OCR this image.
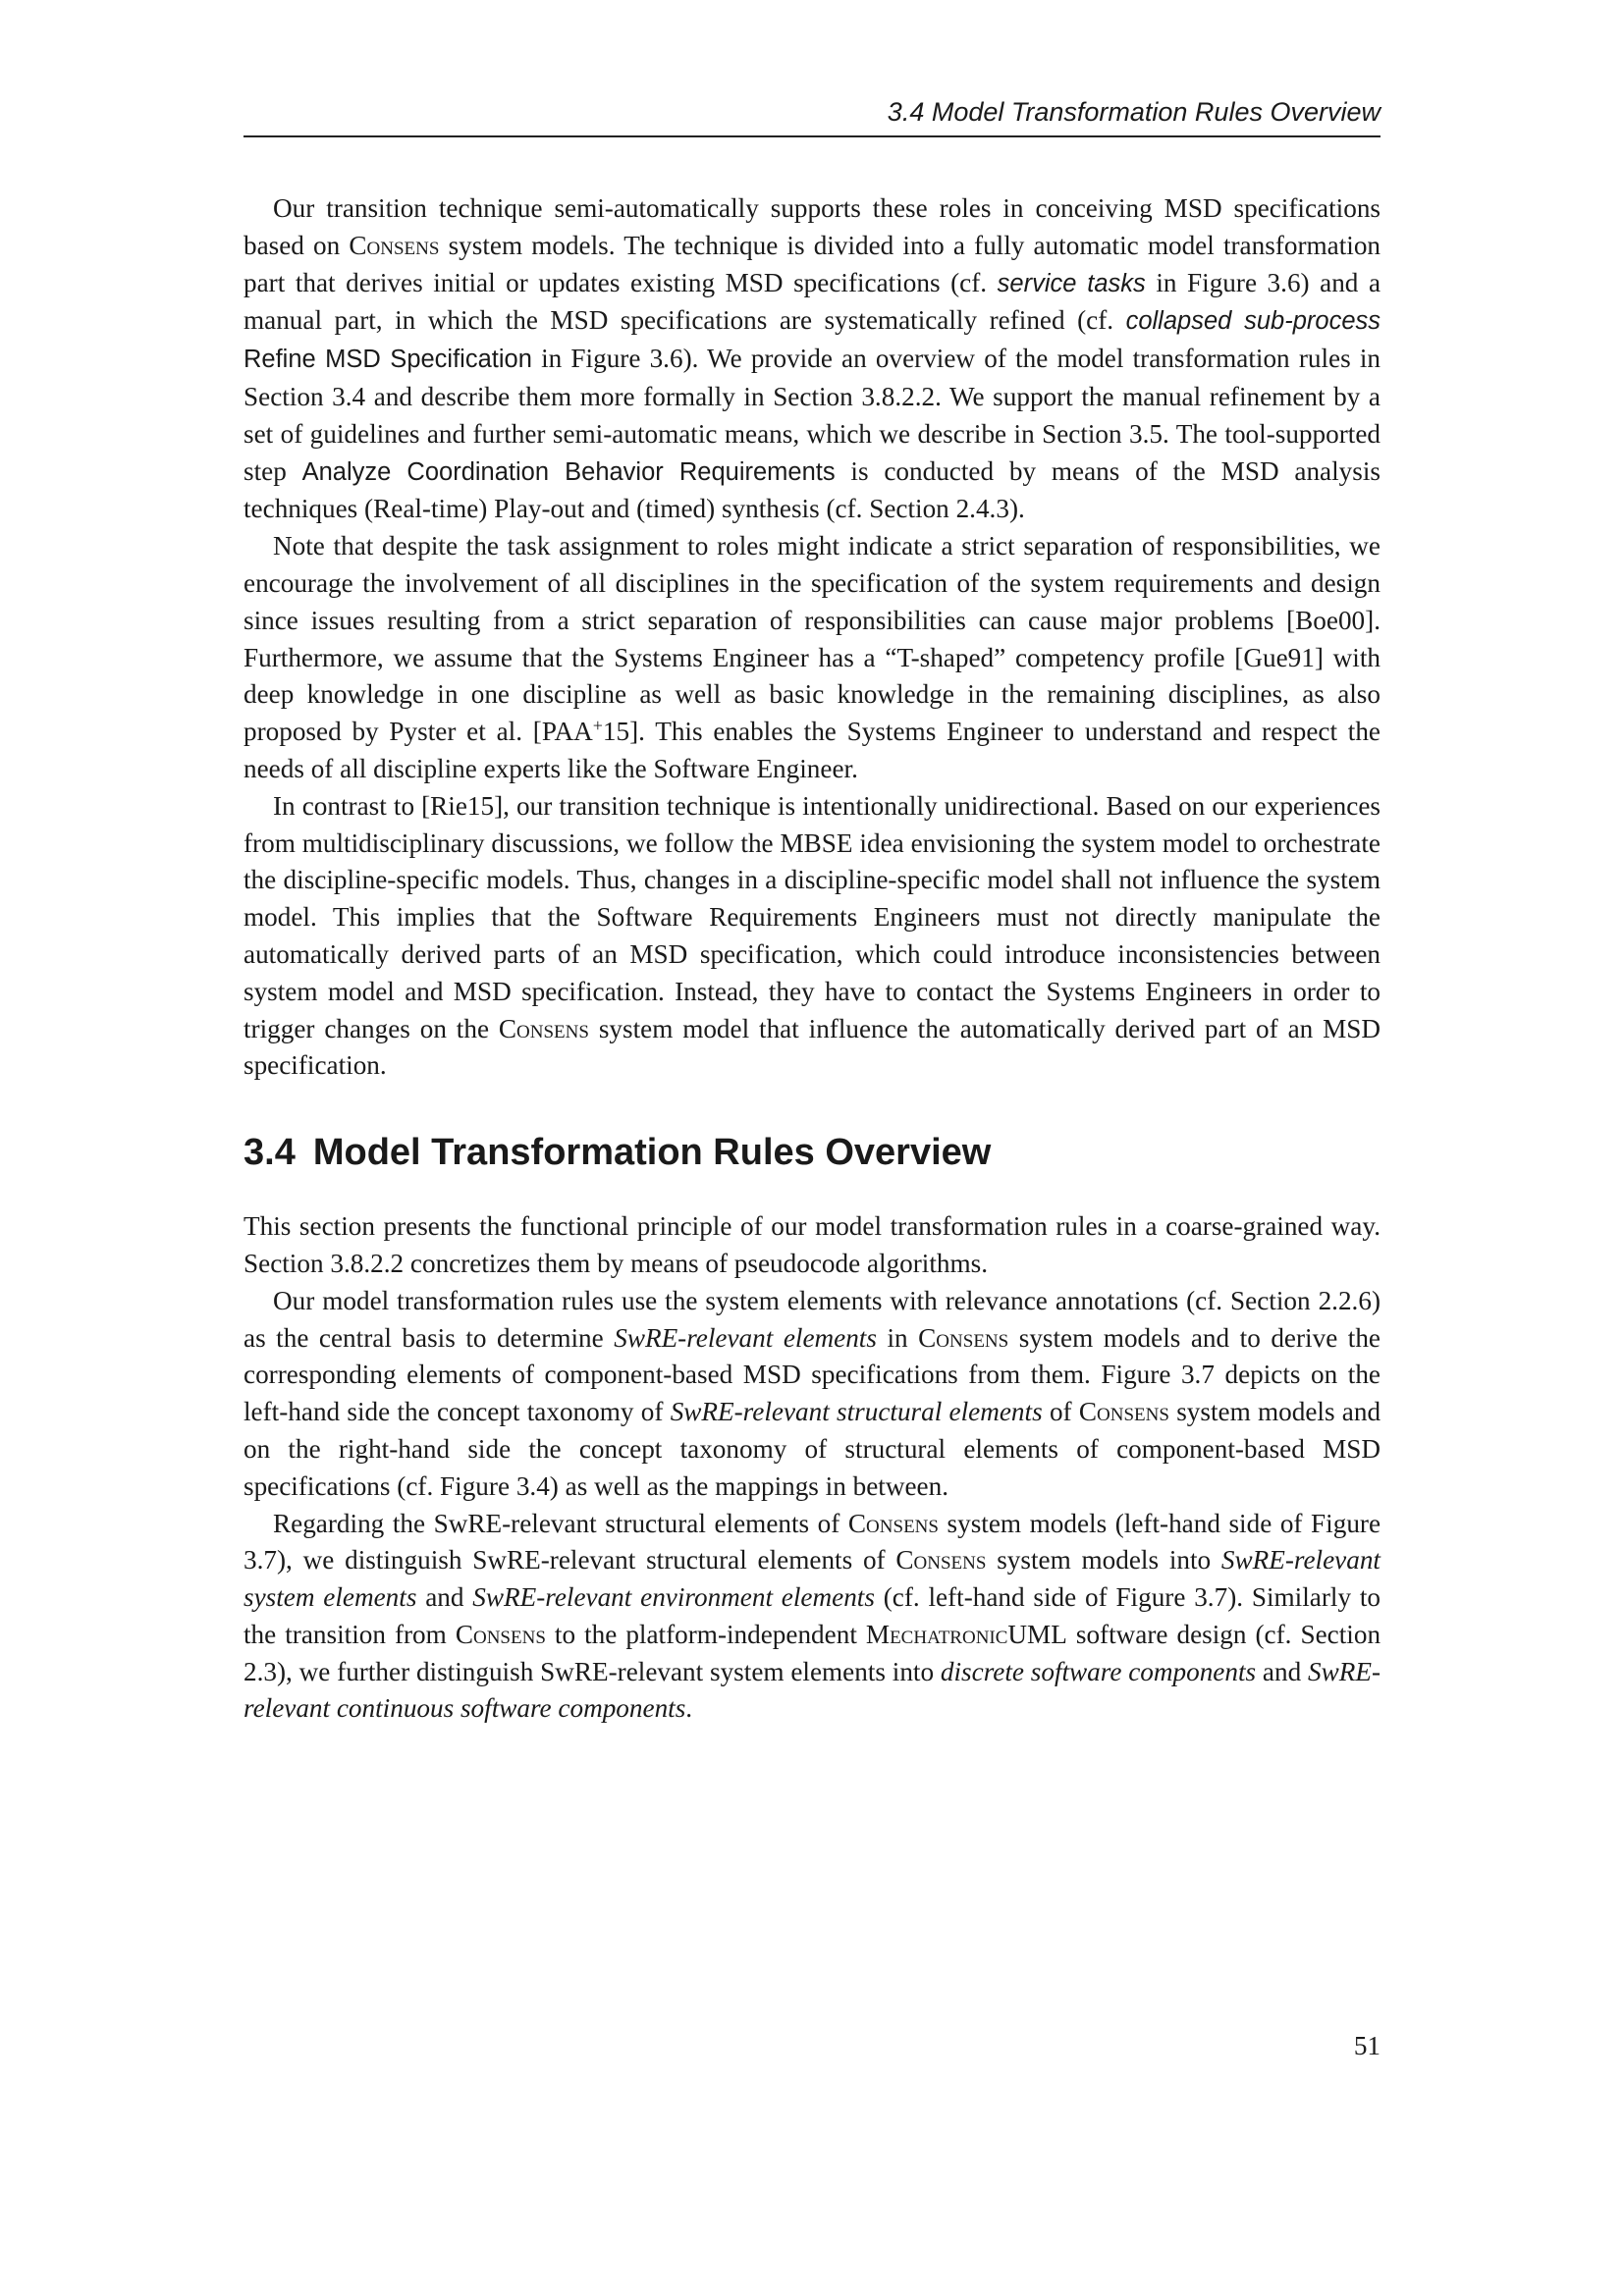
3.4 Model Transformation Rules Overview

Our transition technique semi-automatically supports these roles in conceiving MSD specifications based on Consens system models. The technique is divided into a fully automatic model transformation part that derives initial or updates existing MSD specifications (cf. service tasks in Figure 3.6) and a manual part, in which the MSD specifications are systematically refined (cf. collapsed sub-process Refine MSD Specification in Figure 3.6). We provide an overview of the model transformation rules in Section 3.4 and describe them more formally in Section 3.8.2.2. We support the manual refinement by a set of guidelines and further semi-automatic means, which we describe in Section 3.5. The tool-supported step Analyze Coordination Behavior Requirements is conducted by means of the MSD analysis techniques (Real-time) Play-out and (timed) synthesis (cf. Section 2.4.3).

Note that despite the task assignment to roles might indicate a strict separation of responsibilities, we encourage the involvement of all disciplines in the specification of the system requirements and design since issues resulting from a strict separation of responsibilities can cause major problems [Boe00]. Furthermore, we assume that the Systems Engineer has a “T-shaped” competency profile [Gue91] with deep knowledge in one discipline as well as basic knowledge in the remaining disciplines, as also proposed by Pyster et al. [PAA+15]. This enables the Systems Engineer to understand and respect the needs of all discipline experts like the Software Engineer.

In contrast to [Rie15], our transition technique is intentionally unidirectional. Based on our experiences from multidisciplinary discussions, we follow the MBSE idea envisioning the system model to orchestrate the discipline-specific models. Thus, changes in a discipline-specific model shall not influence the system model. This implies that the Software Requirements Engineers must not directly manipulate the automatically derived parts of an MSD specification, which could introduce inconsistencies between system model and MSD specification. Instead, they have to contact the Systems Engineers in order to trigger changes on the Consens system model that influence the automatically derived part of an MSD specification.

3.4 Model Transformation Rules Overview

This section presents the functional principle of our model transformation rules in a coarse-grained way. Section 3.8.2.2 concretizes them by means of pseudocode algorithms.

Our model transformation rules use the system elements with relevance annotations (cf. Section 2.2.6) as the central basis to determine SwRE-relevant elements in Consens system models and to derive the corresponding elements of component-based MSD specifications from them. Figure 3.7 depicts on the left-hand side the concept taxonomy of SwRE-relevant structural elements of Consens system models and on the right-hand side the concept taxonomy of structural elements of component-based MSD specifications (cf. Figure 3.4) as well as the mappings in between.

Regarding the SwRE-relevant structural elements of Consens system models (left-hand side of Figure 3.7), we distinguish SwRE-relevant structural elements of Consens system models into SwRE-relevant system elements and SwRE-relevant environment elements (cf. left-hand side of Figure 3.7). Similarly to the transition from Consens to the platform-independent MechatronicUML software design (cf. Section 2.3), we further distinguish SwRE-relevant system elements into discrete software components and SwRE-relevant continuous software components.

51
